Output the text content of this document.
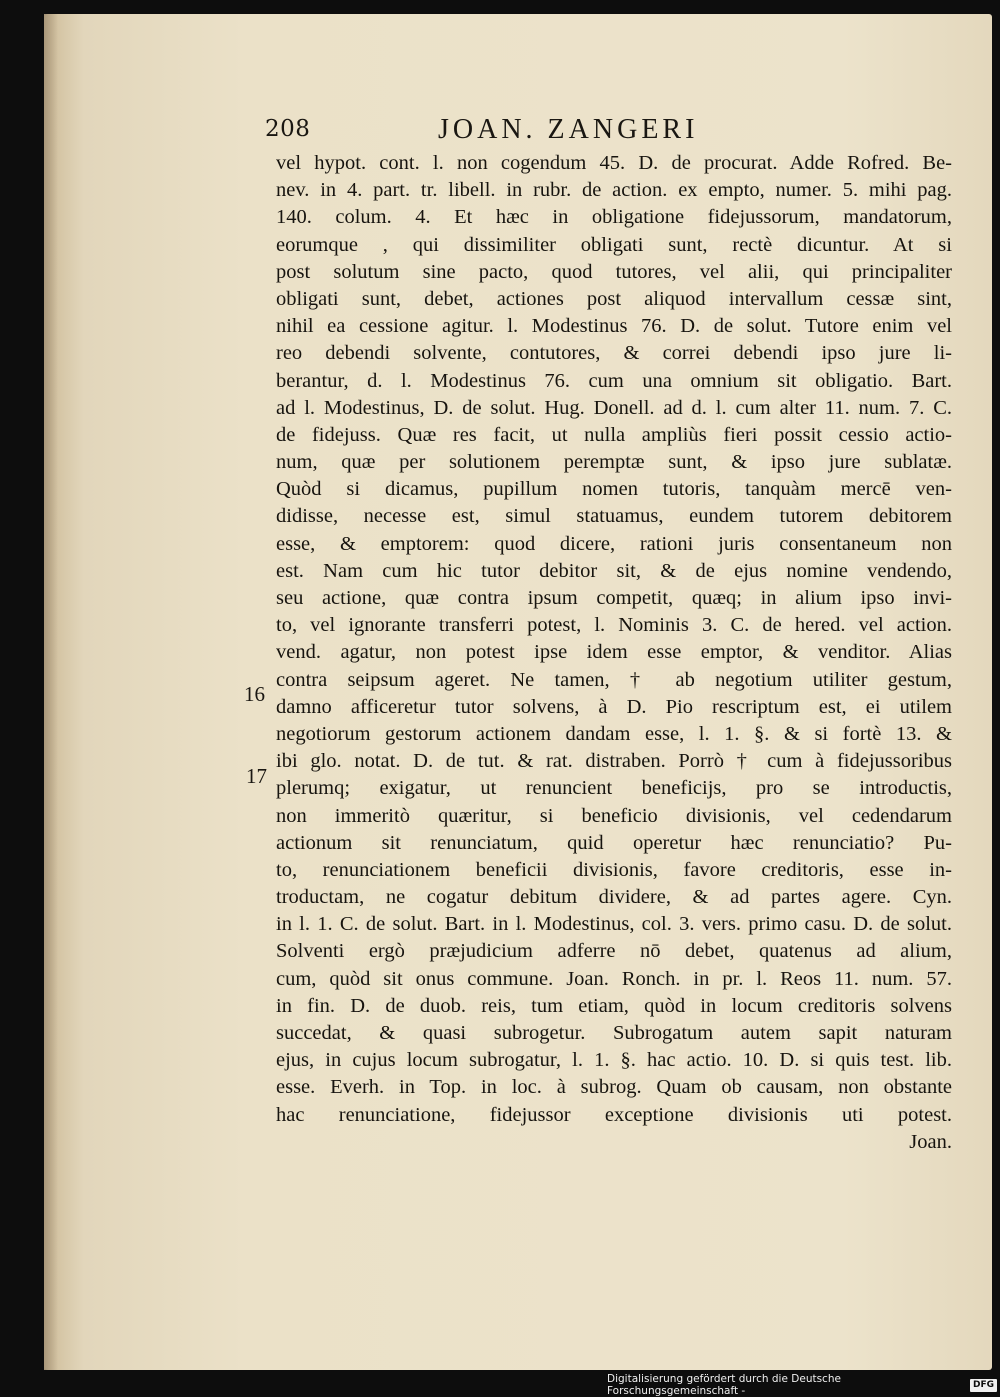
208	JOAN. ZANGERI
16
17
vel hypot. cont. l. non cogendum 45. D. de procurat. Adde Rofred. Be-
nev. in 4. part. tr. libell. in rubr. de action. ex empto, numer. 5. mihi pag.
140. colum. 4. Et hæc in obligatione fidejussorum, mandatorum,
eorumque , qui dissimiliter obligati sunt, rectè dicuntur. At si
post solutum sine pacto, quod tutores, vel alii, qui principaliter
obligati sunt, debet, actiones post aliquod intervallum cessæ sint,
nihil ea cessione agitur. l. Modestinus 76. D. de solut. Tutore enim vel
reo debendi solvente, contutores, & correi debendi ipso jure li-
berantur, d. l. Modestinus 76. cum una omnium sit obligatio. Bart.
ad l. Modestinus, D. de solut. Hug. Donell. ad d. l. cum alter 11. num. 7. C.
de fidejuss. Quæ res facit, ut nulla ampliùs fieri possit cessio actio-
num, quæ per solutionem peremptæ sunt, & ipso jure sublatæ.
Quòd si dicamus, pupillum nomen tutoris, tanquàm mercē ven-
didisse, necesse est, simul statuamus, eundem tutorem debitorem
esse, & emptorem: quod dicere, rationi juris consentaneum non
est. Nam cum hic tutor debitor sit, & de ejus nomine vendendo,
seu actione, quæ contra ipsum competit, quæq; in alium ipso invi-
to, vel ignorante transferri potest, l. Nominis 3. C. de hered. vel action.
vend. agatur, non potest ipse idem esse emptor, & venditor. Alias
contra seipsum ageret. Ne tamen, † ab negotium utiliter gestum,
damno afficeretur tutor solvens, à D. Pio rescriptum est, ei utilem
negotiorum gestorum actionem dandam esse, l. 1. §. & si fortè 13. &
ibi glo. notat. D. de tut. & rat. distraben. Porrò † cum à fidejussoribus
plerumq; exigatur, ut renuncient beneficijs, pro se introductis,
non immeritò quæritur, si beneficio divisionis, vel cedendarum
actionum sit renunciatum, quid operetur hæc renunciatio? Pu-
to, renunciationem beneficii divisionis, favore creditoris, esse in-
troductam, ne cogatur debitum dividere, & ad partes agere. Cyn.
in l. 1. C. de solut. Bart. in l. Modestinus, col. 3. vers. primo casu. D. de solut.
Solventi ergò præjudicium adferre nō debet, quatenus ad alium,
cum, quòd sit onus commune. Joan. Ronch. in pr. l. Reos 11. num. 57.
in fin. D. de duob. reis, tum etiam, quòd in locum creditoris solvens
succedat, & quasi subrogetur. Subrogatum autem sapit naturam
ejus, in cujus locum subrogatur, l. 1. §. hac actio. 10. D. si quis test. lib.
esse. Everh. in Top. in loc. à subrog. Quam ob causam, non obstante
hac renunciatione, fidejussor exceptione divisionis uti potest.
Joan.
Digitalisierung gefördert durch die Deutsche Forschungsgemeinschaft -	DFG
